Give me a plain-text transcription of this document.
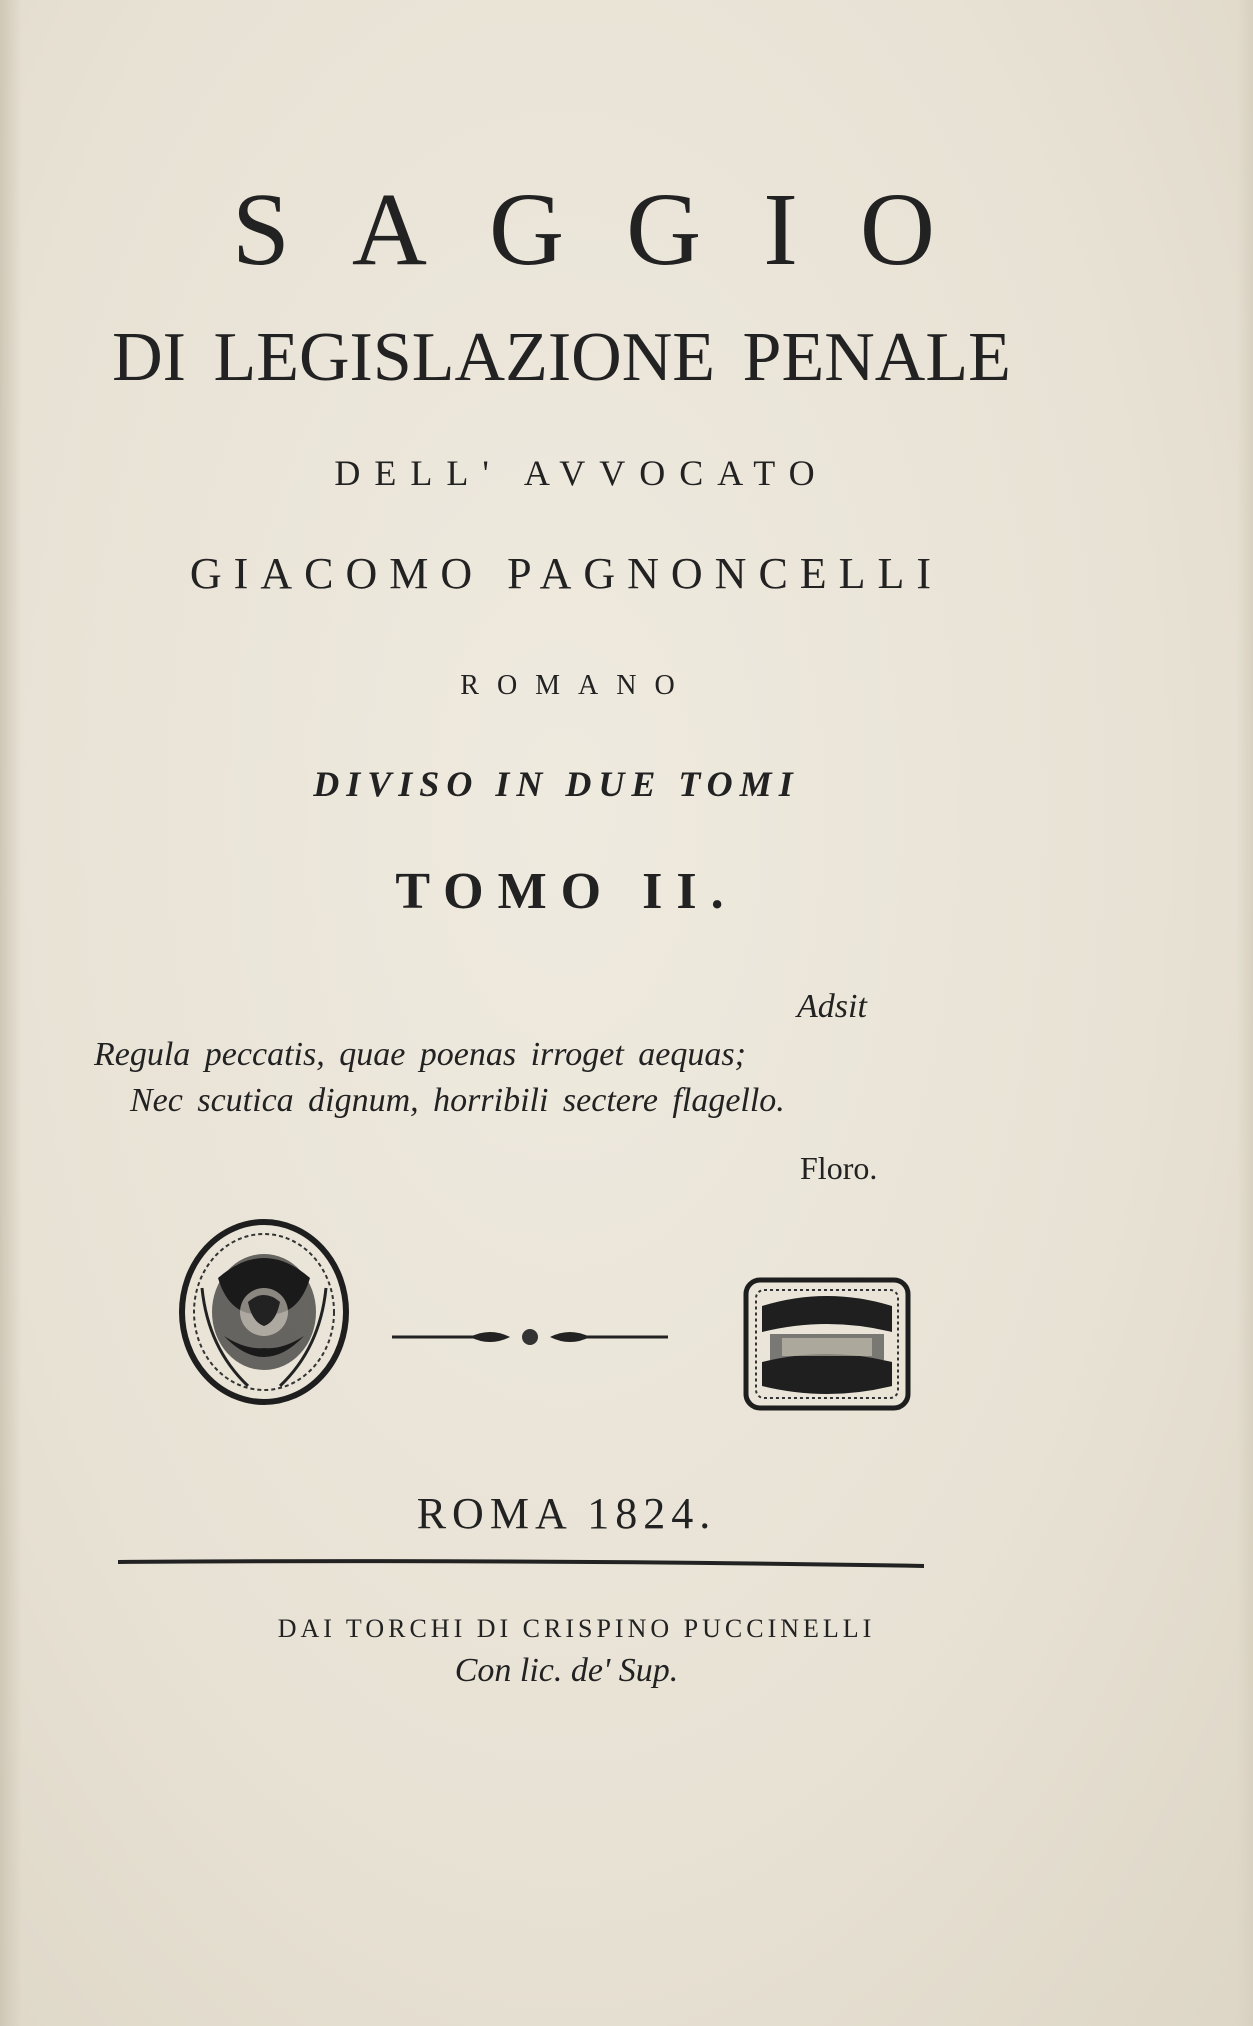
SAGGIO
DI LEGISLAZIONE PENALE
DELL' AVVOCATO
GIACOMO PAGNONCELLI
ROMANO
DIVISO IN DUE TOMI
TOMO II.
Adsit
Regula peccatis, quae poenas irroget aequas;
Nec scutica dignum, horribili sectere flagello.
Floro.
ROMA 1824.
DAI TORCHI DI CRISPINO PUCCINELLI
Con lic. de' Sup.
